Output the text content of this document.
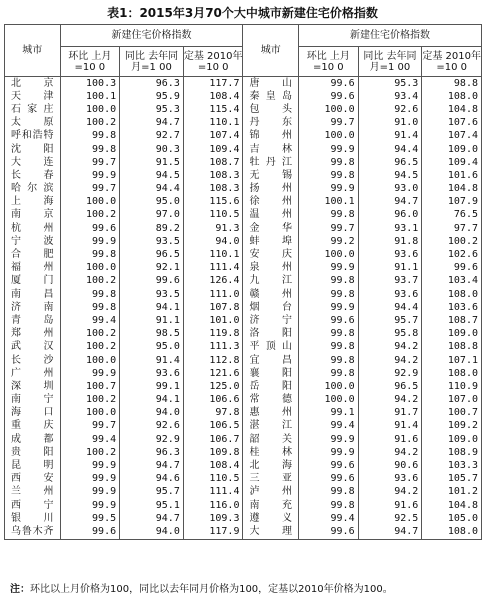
表1：2015年3月70个大中城市新建住宅价格指数
城市	新建住宅价格指数			城市	新建住宅价格指数		
	环比 上月=10 0	同比 去年同月=1 00	定基 2010年=10 0		环比 上月=10 0	同比 去年同月=1 00	定基 2010年=10 0
北京	100.3	96.3	117.7	唐山	99.6	95.3	98.8
天津	100.1	95.9	108.4	秦皇岛	99.6	93.4	108.0
石家庄	100.0	95.3	115.4	包头	100.0	92.6	104.8
太原	100.2	94.7	110.1	丹东	99.7	91.0	107.6
呼和浩特	99.8	92.7	107.4	锦州	100.0	91.4	107.4
沈阳	99.8	90.3	109.4	吉林	99.9	94.4	109.0
大连	99.7	91.5	108.7	牡丹江	99.8	96.5	109.4
长春	99.9	94.5	108.3	无锡	99.8	94.5	101.6
哈尔滨	99.7	94.4	108.3	扬州	99.9	93.0	104.8
上海	100.0	95.0	115.6	徐州	100.1	94.7	107.9
南京	100.2	97.0	110.5	温州	99.8	96.0	76.5
杭州	99.6	89.2	91.3	金华	99.7	93.1	97.7
宁波	99.9	93.5	94.0	蚌埠	99.2	91.8	100.2
合肥	99.8	96.5	110.1	安庆	100.0	93.6	102.6
福州	100.0	92.1	111.4	泉州	99.9	91.1	99.6
厦门	100.2	99.6	126.4	九江	99.8	93.7	103.4
南昌	99.8	93.5	111.0	赣州	99.8	93.6	108.0
济南	99.8	94.1	107.8	烟台	99.9	94.4	103.6
青岛	99.4	91.1	101.0	济宁	99.6	95.7	108.7
郑州	100.2	98.5	119.8	洛阳	99.8	95.8	109.0
武汉	100.2	95.0	111.3	平顶山	99.8	94.2	108.8
长沙	100.0	91.4	112.8	宜昌	99.8	94.2	107.1
广州	99.9	93.6	121.6	襄阳	99.8	92.9	108.0
深圳	100.7	99.1	125.0	岳阳	100.0	96.5	110.9
南宁	100.2	94.1	106.6	常德	100.0	94.2	107.0
海口	100.0	94.0	97.8	惠州	99.1	91.7	100.7
重庆	99.7	92.6	106.5	湛江	99.4	91.4	109.2
成都	99.4	92.9	106.7	韶关	99.9	91.6	109.0
贵阳	100.2	96.3	109.8	桂林	99.9	94.2	108.9
昆明	99.9	94.7	108.4	北海	99.6	90.6	103.3
西安	99.9	94.6	110.5	三亚	99.6	93.6	105.7
兰州	99.9	95.7	111.4	泸州	99.8	94.2	101.2
西宁	99.9	95.1	116.0	南充	99.8	91.6	104.8
银川	99.5	94.7	109.3	遵义	99.4	92.5	105.0
乌鲁木齐	99.6	94.0	117.9	大理	99.6	94.7	108.0
注：环比以上月价格为100，同比以去年同月价格为100，定基以2010年价格为100。
